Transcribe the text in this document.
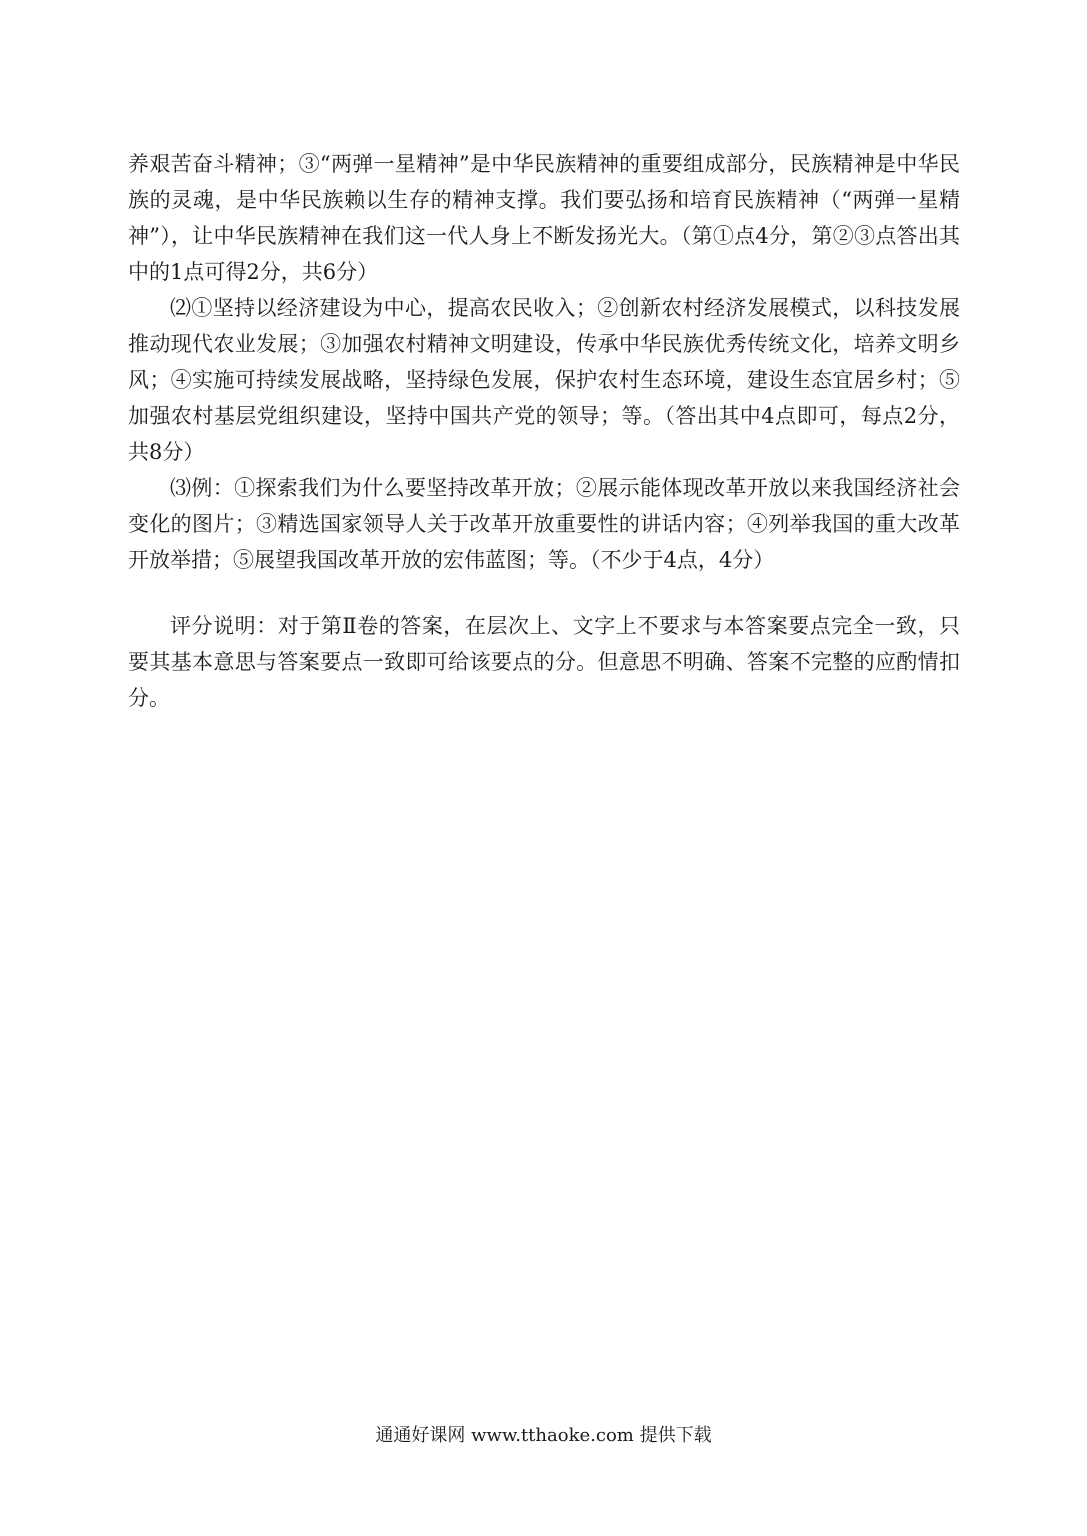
养艰苦奋斗精神；③“两弹一星精神”是中华民族精神的重要组成部分，民族精神是中华民族的灵魂，是中华民族赖以生存的精神支撑。我们要弘扬和培育民族精神（“两弹一星精神”），让中华民族精神在我们这一代人身上不断发扬光大。（第①点4分，第②③点答出其中的1点可得2分，共6分）

⑵①坚持以经济建设为中心，提高农民收入；②创新农村经济发展模式，以科技发展推动现代农业发展；③加强农村精神文明建设，传承中华民族优秀传统文化，培养文明乡风；④实施可持续发展战略，坚持绿色发展，保护农村生态环境，建设生态宜居乡村；⑤加强农村基层党组织建设，坚持中国共产党的领导；等。（答出其中4点即可，每点2分，共8分）

⑶例：①探索我们为什么要坚持改革开放；②展示能体现改革开放以来我国经济社会变化的图片；③精选国家领导人关于改革开放重要性的讲话内容；④列举我国的重大改革开放举措；⑤展望我国改革开放的宏伟蓝图；等。（不少于4点，4分）

评分说明：对于第Ⅱ卷的答案，在层次上、文字上不要求与本答案要点完全一致，只要其基本意思与答案要点一致即可给该要点的分。但意思不明确、答案不完整的应酌情扣分。

通通好课网 www.tthaoke.com 提供下载
